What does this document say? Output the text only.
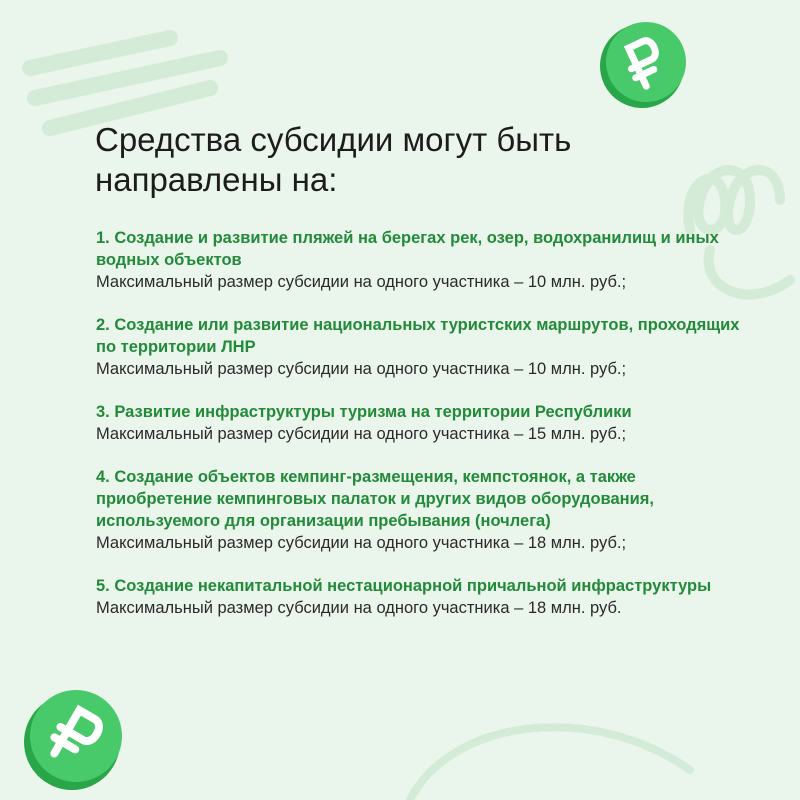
Средства субсидии могут быть направлены на:
1. Создание и развитие пляжей на берегах рек, озер, водохранилищ и иных водных объектов
Максимальный размер субсидии на одного участника – 10 млн. руб.;
2. Создание или развитие национальных туристских маршрутов, проходящих по территории ЛНР
Максимальный размер субсидии на одного участника – 10 млн. руб.;
3. Развитие инфраструктуры туризма на территории Республики
Максимальный размер субсидии на одного участника – 15 млн. руб.;
4. Создание объектов кемпинг-размещения, кемпстоянок, а также приобретение кемпинговых палаток и других видов оборудования, используемого для организации пребывания (ночлега)
Максимальный размер субсидии на одного участника – 18 млн. руб.;
5. Создание некапитальной нестационарной причальной инфраструктуры
Максимальный размер субсидии на одного участника – 18 млн. руб.
